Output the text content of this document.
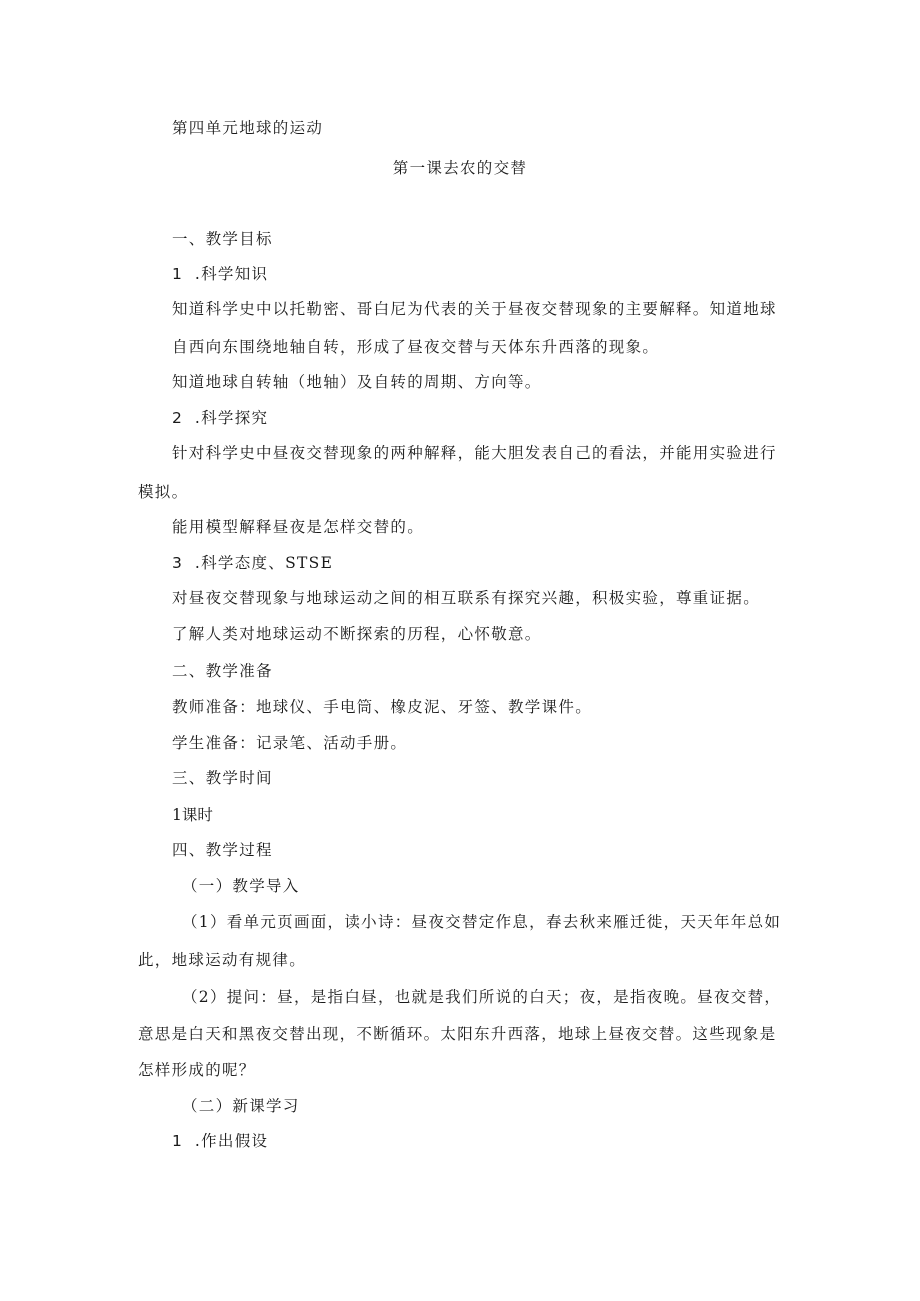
第四单元地球的运动
第一课去农的交替
一、教学目标
1 .科学知识
知道科学史中以托勒密、哥白尼为代表的关于昼夜交替现象的主要解释。知道地球
自西向东围绕地轴自转，形成了昼夜交替与天体东升西落的现象。
知道地球自转轴（地轴）及自转的周期、方向等。
2 .科学探究
针对科学史中昼夜交替现象的两种解释，能大胆发表自己的看法，并能用实验进行
模拟。
能用模型解释昼夜是怎样交替的。
3 .科学态度、STSE
对昼夜交替现象与地球运动之间的相互联系有探究兴趣，积极实验，尊重证据。
了解人类对地球运动不断探索的历程，心怀敬意。
二、教学准备
教师准备：地球仪、手电筒、橡皮泥、牙签、教学课件。
学生准备：记录笔、活动手册。
三、教学时间
1课时
四、教学过程
（一）教学导入
（1）看单元页画面，读小诗：昼夜交替定作息，春去秋来雁迁徙，天天年年总如
此，地球运动有规律。
（2）提问：昼，是指白昼，也就是我们所说的白天；夜，是指夜晚。昼夜交替，
意思是白天和黑夜交替出现，不断循环。太阳东升西落，地球上昼夜交替。这些现象是
怎样形成的呢？
（二）新课学习
1 .作出假设
